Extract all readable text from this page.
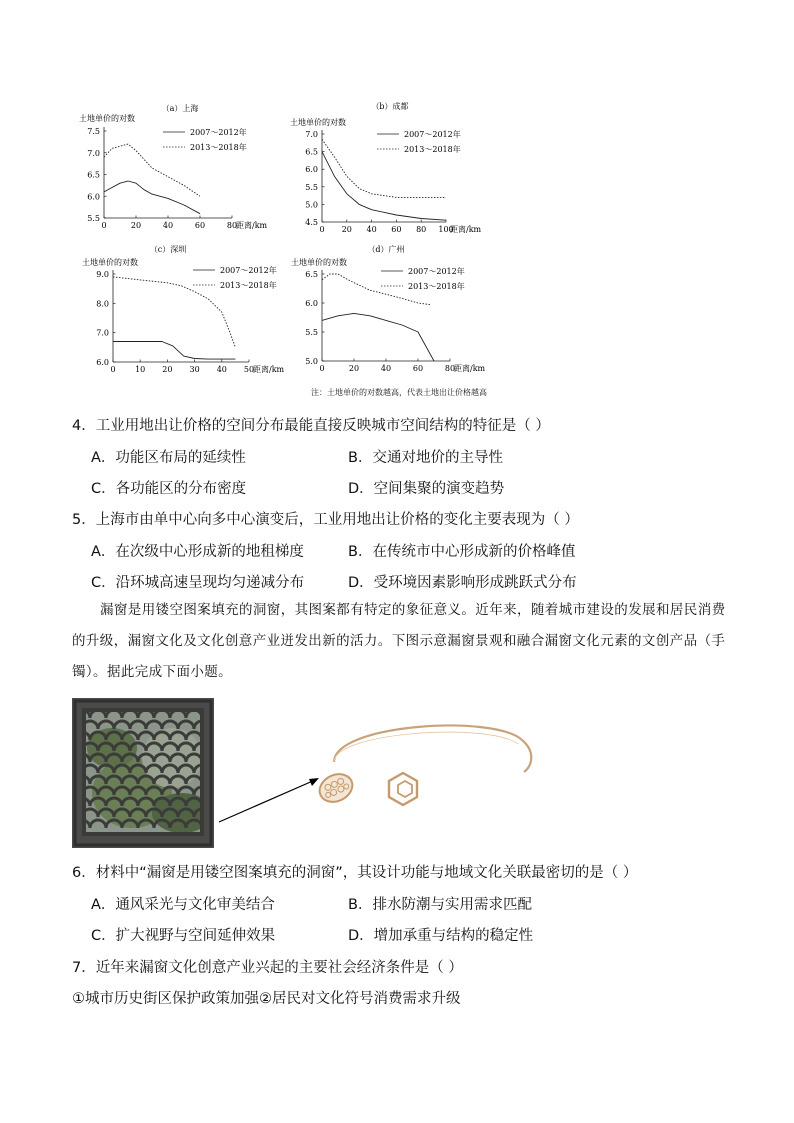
（a）上海
土地单价的对数
0	20	40	60	80
距离/km
7.5
7.0
6.5
6.0
5.5
2007～2012年
2013～2018年
（b）成都
土地单价的对数
0 20 40 60 80 100
距离/km
7.0
6.5
6.0
5.5
5.0
4.5
2007～2012年
2013～2018年
（c）深圳
土地单价的对数
0 10 20 30 40 50
距离/km
9.0
8.0
7.0
6.0
2007～2012年
2013～2018年
（d）广州
土地单价的对数
0	20	40	60	80
距离/km
6.5
6.0
5.5
5.0
2007～2012年
2013～2018年
注：土地单价的对数越高，代表土地出让价格越高
4．工业用地出让价格的空间分布最能直接反映城市空间结构的特征是（ ）
A．功能区布局的延续性	B．交通对地价的主导性
C．各功能区的分布密度	D．空间集聚的演变趋势
5．上海市由单中心向多中心演变后，工业用地出让价格的变化主要表现为（ ）
A．在次级中心形成新的地租梯度	B．在传统市中心形成新的价格峰值
C．沿环城高速呈现均匀递减分布	D．受环境因素影响形成跳跃式分布
漏窗是用镂空图案填充的洞窗，其图案都有特定的象征意义。近年来，随着城市建设的发展和居民消费的升级，漏窗文化及文化创意产业迸发出新的活力。下图示意漏窗景观和融合漏窗文化元素的文创产品（手镯）。据此完成下面小题。
6．材料中“漏窗是用镂空图案填充的洞窗”，其设计功能与地域文化关联最密切的是（ ）
A．通风采光与文化审美结合	B．排水防潮与实用需求匹配
C．扩大视野与空间延伸效果	D．增加承重与结构的稳定性
7．近年来漏窗文化创意产业兴起的主要社会经济条件是（ ）
①城市历史街区保护政策加强②居民对文化符号消费需求升级
